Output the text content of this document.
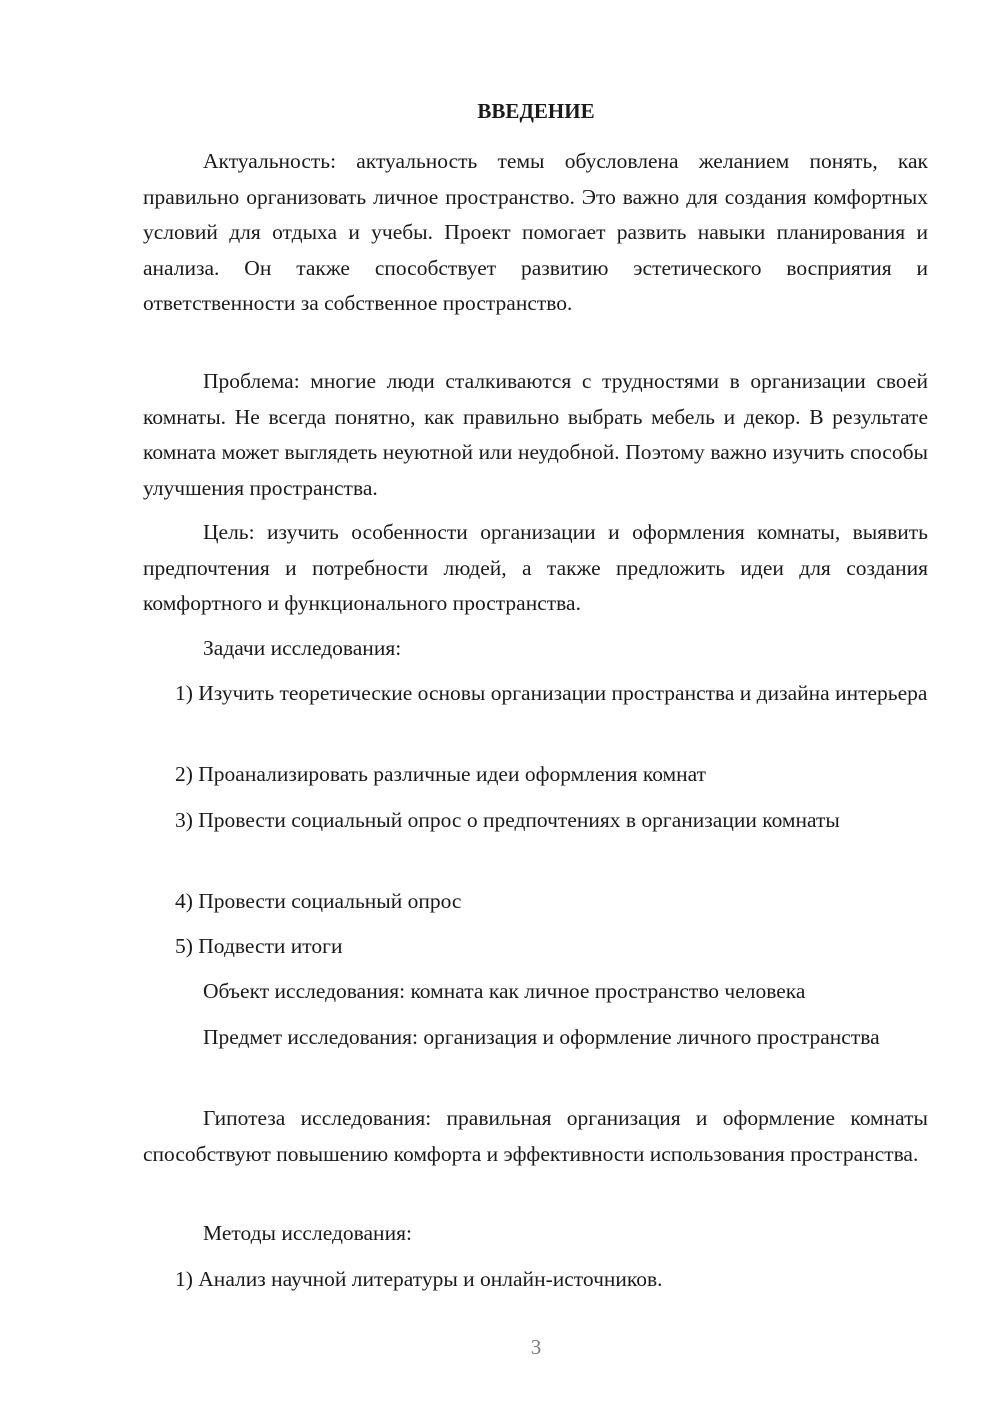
ВВЕДЕНИЕ

Актуальность: актуальность темы обусловлена желанием понять, как правильно организовать личное пространство. Это важно для создания комфортных условий для отдыха и учебы. Проект помогает развить навыки планирования и анализа. Он также способствует развитию эстетического восприятия и ответственности за собственное пространство.

Проблема: многие люди сталкиваются с трудностями в организации своей комнаты. Не всегда понятно, как правильно выбрать мебель и декор. В результате комната может выглядеть неуютной или неудобной. Поэтому важно изучить способы улучшения пространства.

Цель: изучить особенности организации и оформления комнаты, выявить предпочтения и потребности людей, а также предложить идеи для создания комфортного и функционального пространства.

Задачи исследования:

1) Изучить теоретические основы организации пространства и дизайна интерьера

2) Проанализировать различные идеи оформления комнат

3) Провести социальный опрос о предпочтениях в организации комнаты

4) Провести социальный опрос

5) Подвести итоги

Объект исследования: комната как личное пространство человека

Предмет исследования: организация и оформление личного пространства

Гипотеза исследования: правильная организация и оформление комнаты способствуют повышению комфорта и эффективности использования пространства.

Методы исследования:

1) Анализ научной литературы и онлайн-источников.

3
